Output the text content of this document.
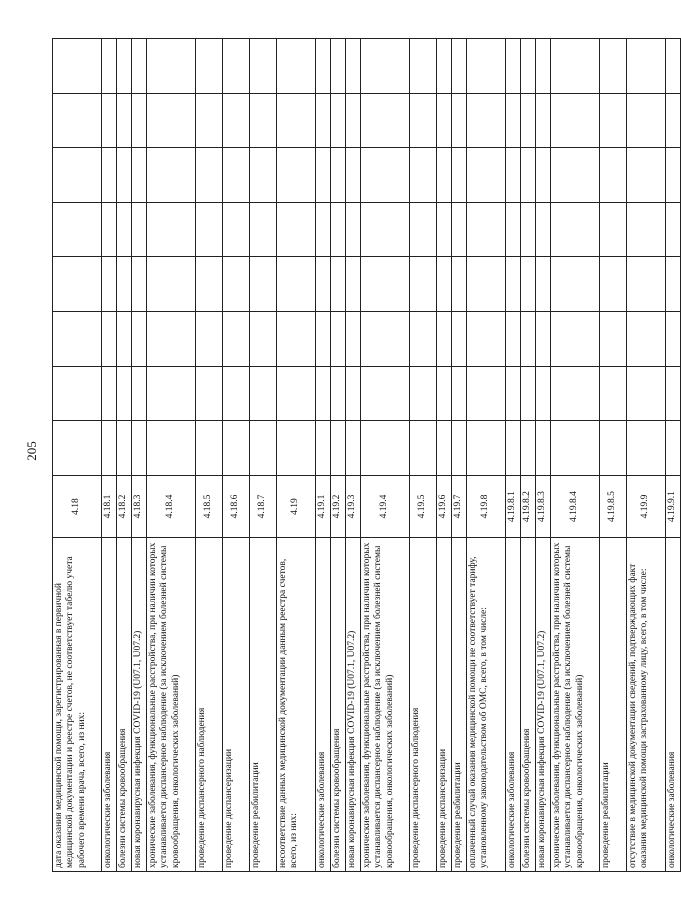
205
дата оказания медицинской помощи, зарегистрированная в первичной медицинской документации и реестре счетов, не соответствует табелю учета рабочего времени врача, всего, из них:	4.18								
онкологические заболевания	4.18.1								
болезни системы кровообращения	4.18.2								
новая коронавирусная инфекция COVID-19 (U07.1, U07.2)	4.18.3								
хронические заболевания, функциональные расстройства, при наличии которых устанавливается диспансерное наблюдение (за исключением болезней системы кровообращения, онкологических заболеваний)	4.18.4								
проведение диспансерного наблюдения	4.18.5								
проведение диспансеризации	4.18.6								
проведение реабилитации	4.18.7								
несоответствие данных медицинской документации данным реестра счетов, всего, из них:	4.19								
онкологические заболевания	4.19.1								
болезни системы кровообращения	4.19.2								
новая коронавирусная инфекция COVID-19 (U07.1, U07.2)	4.19.3								
хронические заболевания, функциональные расстройства, при наличии которых устанавливается диспансерное наблюдение (за исключением болезней системы кровообращения, онкологических заболеваний)	4.19.4								
проведение диспансерного наблюдения	4.19.5								
проведение диспансеризации	4.19.6								
проведение реабилитации	4.19.7								
оплаченный случай оказания медицинской помощи не соответствует тарифу, установленному законодательством об ОМС, всего, в том числе:	4.19.8								
онкологические заболевания	4.19.8.1								
болезни системы кровообращения	4.19.8.2								
новая коронавирусная инфекция COVID-19 (U07.1, U07.2)	4.19.8.3								
хронические заболевания, функциональные расстройства, при наличии которых устанавливается диспансерное наблюдение (за исключением болезней системы кровообращения, онкологических заболеваний)	4.19.8.4								
проведение реабилитации	4.19.8.5								
отсутствие в медицинской документации сведений, подтверждающих факт оказания медицинской помощи застрахованному лицу, всего, в том числе:	4.19.9								
онкологические заболевания	4.19.9.1								
